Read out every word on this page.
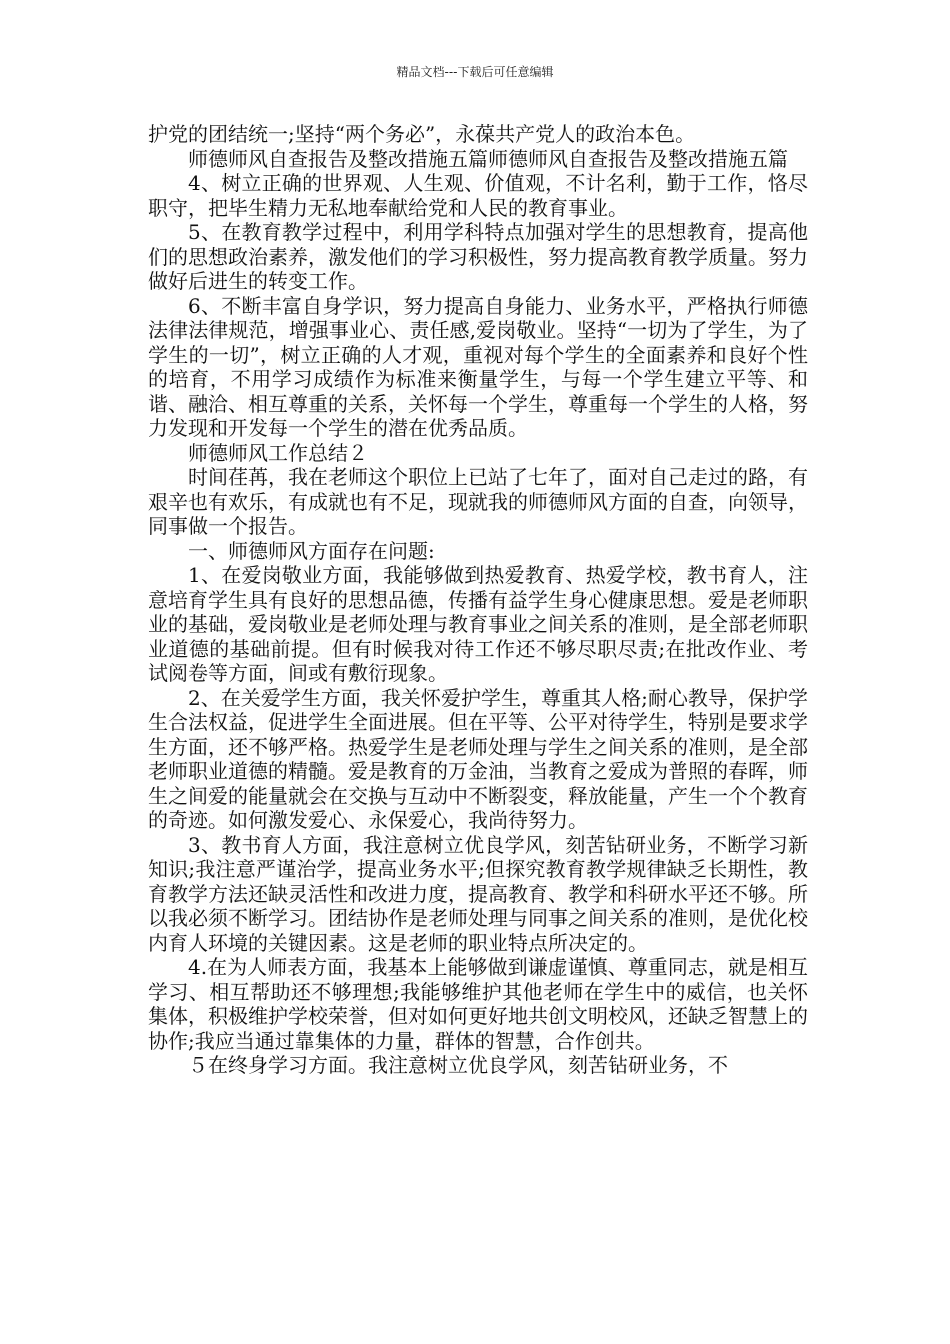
精品文档---下载后可任意编辑

护党的团结统一;坚持“两个务必”，永葆共产党人的政治本色。

师德师风自查报告及整改措施五篇师德师风自查报告及整改措施五篇

4、树立正确的世界观、人生观、价值观，不计名利，勤于工作，恪尽职守，把毕生精力无私地奉献给党和人民的教育事业。

5、在教育教学过程中，利用学科特点加强对学生的思想教育，提高他们的思想政治素养，激发他们的学习积极性，努力提高教育教学质量。努力做好后进生的转变工作。

6、不断丰富自身学识，努力提高自身能力、业务水平，严格执行师德法律法律规范，增强事业心、责任感,爱岗敬业。坚持“一切为了学生，为了学生的一切”，树立正确的人才观，重视对每个学生的全面素养和良好个性的培育，不用学习成绩作为标准来衡量学生，与每一个学生建立平等、和谐、融洽、相互尊重的关系，关怀每一个学生，尊重每一个学生的人格，努力发现和开发每一个学生的潜在优秀品质。

师德师风工作总结２

时间荏苒，我在老师这个职位上已站了七年了，面对自己走过的路，有艰辛也有欢乐，有成就也有不足，现就我的师德师风方面的自查，向领导，同事做一个报告。

一、师德师风方面存在问题:

1、在爱岗敬业方面，我能够做到热爱教育、热爱学校，教书育人，注意培育学生具有良好的思想品德，传播有益学生身心健康思想。爱是老师职业的基础，爱岗敬业是老师处理与教育事业之间关系的准则，是全部老师职业道德的基础前提。但有时候我对待工作还不够尽职尽责;在批改作业、考试阅卷等方面，间或有敷衍现象。

2、在关爱学生方面，我关怀爱护学生，尊重其人格;耐心教导，保护学生合法权益，促进学生全面进展。但在平等、公平对待学生，特别是要求学生方面，还不够严格。热爱学生是老师处理与学生之间关系的准则，是全部老师职业道德的精髓。爱是教育的万金油，当教育之爱成为普照的春晖，师生之间爱的能量就会在交换与互动中不断裂变，释放能量，产生一个个教育的奇迹。如何激发爱心、永保爱心，我尚待努力。

3、教书育人方面，我注意树立优良学风，刻苦钻研业务，不断学习新知识;我注意严谨治学，提高业务水平;但探究教育教学规律缺乏长期性，教育教学方法还缺灵活性和改进力度，提高教育、教学和科研水平还不够。所以我必须不断学习。团结协作是老师处理与同事之间关系的准则，是优化校内育人环境的关键因素。这是老师的职业特点所决定的。

4.在为人师表方面，我基本上能够做到谦虚谨慎、尊重同志，就是相互学习、相互帮助还不够理想;我能够维护其他老师在学生中的威信，也关怀集体，积极维护学校荣誉，但对如何更好地共创文明校风，还缺乏智慧上的协作;我应当通过靠集体的力量，群体的智慧，合作创共。

５在终身学习方面。我注意树立优良学风，刻苦钻研业务，不
